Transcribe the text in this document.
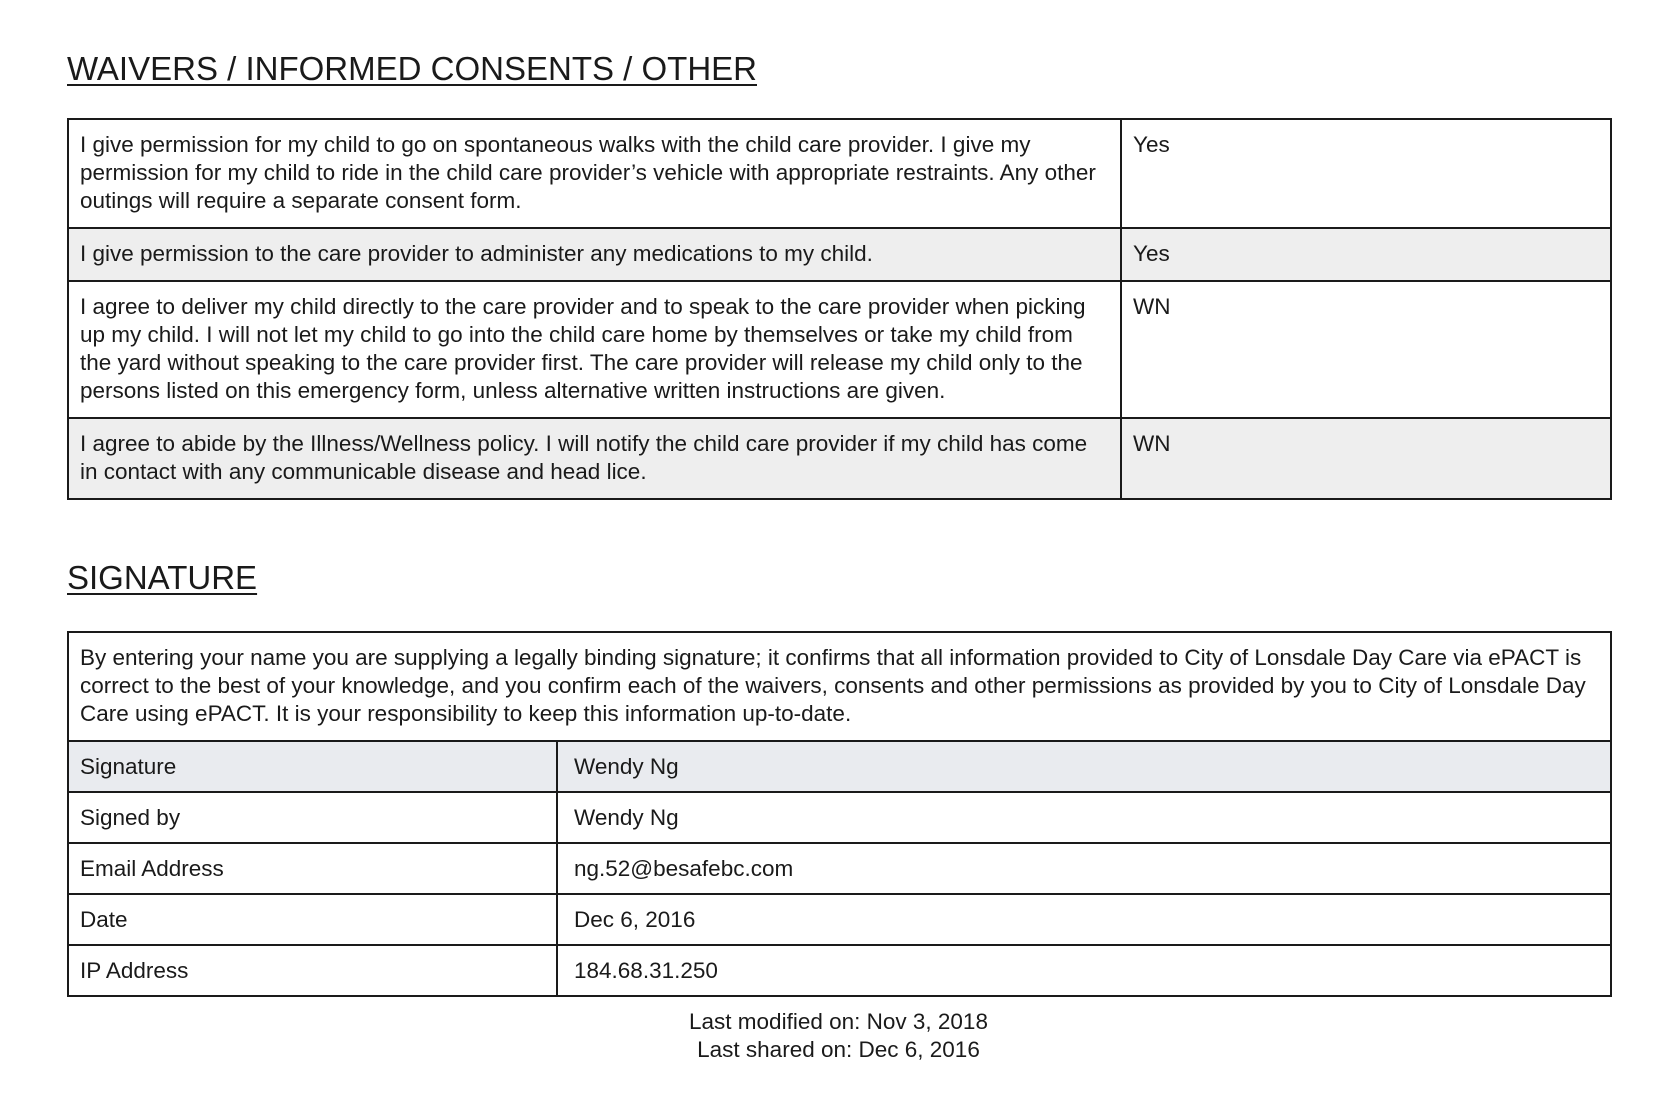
WAIVERS / INFORMED CONSENTS / OTHER
I give permission for my child to go on spontaneous walks with the child care provider. I give my permission for my child to ride in the child care provider’s vehicle with appropriate restraints. Any other outings will require a separate consent form.	Yes
I give permission to the care provider to administer any medications to my child.	Yes
I agree to deliver my child directly to the care provider and to speak to the care provider when picking up my child. I will not let my child to go into the child care home by themselves or take my child from the yard without speaking to the care provider first. The care provider will release my child only to the persons listed on this emergency form, unless alternative written instructions are given.	WN
I agree to abide by the Illness/Wellness policy. I will notify the child care provider if my child has come in contact with any communicable disease and head lice.	WN
SIGNATURE
By entering your name you are supplying a legally binding signature; it confirms that all information provided to City of Lonsdale Day Care via ePACT is correct to the best of your knowledge, and you confirm each of the waivers, consents and other permissions as provided by you to City of Lonsdale Day Care using ePACT. It is your responsibility to keep this information up-to-date.	
Signature	Wendy Ng
Signed by	Wendy Ng
Email Address	ng.52@besafebc.com
Date	Dec 6, 2016
IP Address	184.68.31.250
Last modified on: Nov 3, 2018
Last shared on: Dec 6, 2016
